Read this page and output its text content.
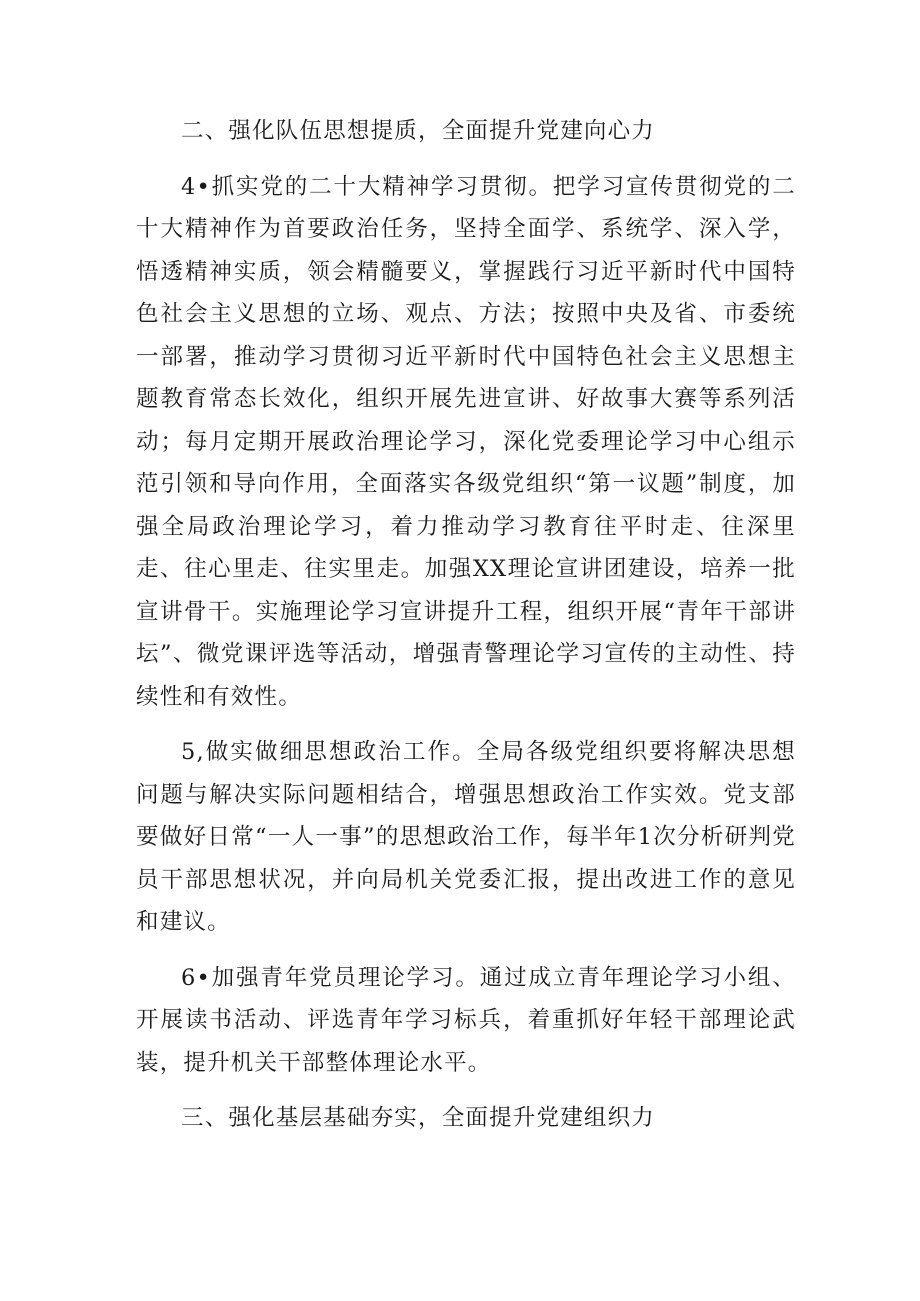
二、强化队伍思想提质，全面提升党建向心力

4•抓实党的二十大精神学习贯彻。把学习宣传贯彻党的二十大精神作为首要政治任务，坚持全面学、系统学、深入学，悟透精神实质，领会精髓要义，掌握践行习近平新时代中国特色社会主义思想的立场、观点、方法；按照中央及省、市委统一部署，推动学习贯彻习近平新时代中国特色社会主义思想主题教育常态长效化，组织开展先进宣讲、好故事大赛等系列活动；每月定期开展政治理论学习，深化党委理论学习中心组示范引领和导向作用，全面落实各级党组织“第一议题”制度，加强全局政治理论学习，着力推动学习教育往平时走、往深里走、往心里走、往实里走。加强XX理论宣讲团建设，培养一批宣讲骨干。实施理论学习宣讲提升工程，组织开展“青年干部讲坛”、微党课评选等活动，增强青警理论学习宣传的主动性、持续性和有效性。

5,做实做细思想政治工作。全局各级党组织要将解决思想问题与解决实际问题相结合，增强思想政治工作实效。党支部要做好日常“一人一事”的思想政治工作，每半年1次分析研判党员干部思想状况，并向局机关党委汇报，提出改进工作的意见和建议。

6•加强青年党员理论学习。通过成立青年理论学习小组、开展读书活动、评选青年学习标兵，着重抓好年轻干部理论武装，提升机关干部整体理论水平。

三、强化基层基础夯实，全面提升党建组织力
